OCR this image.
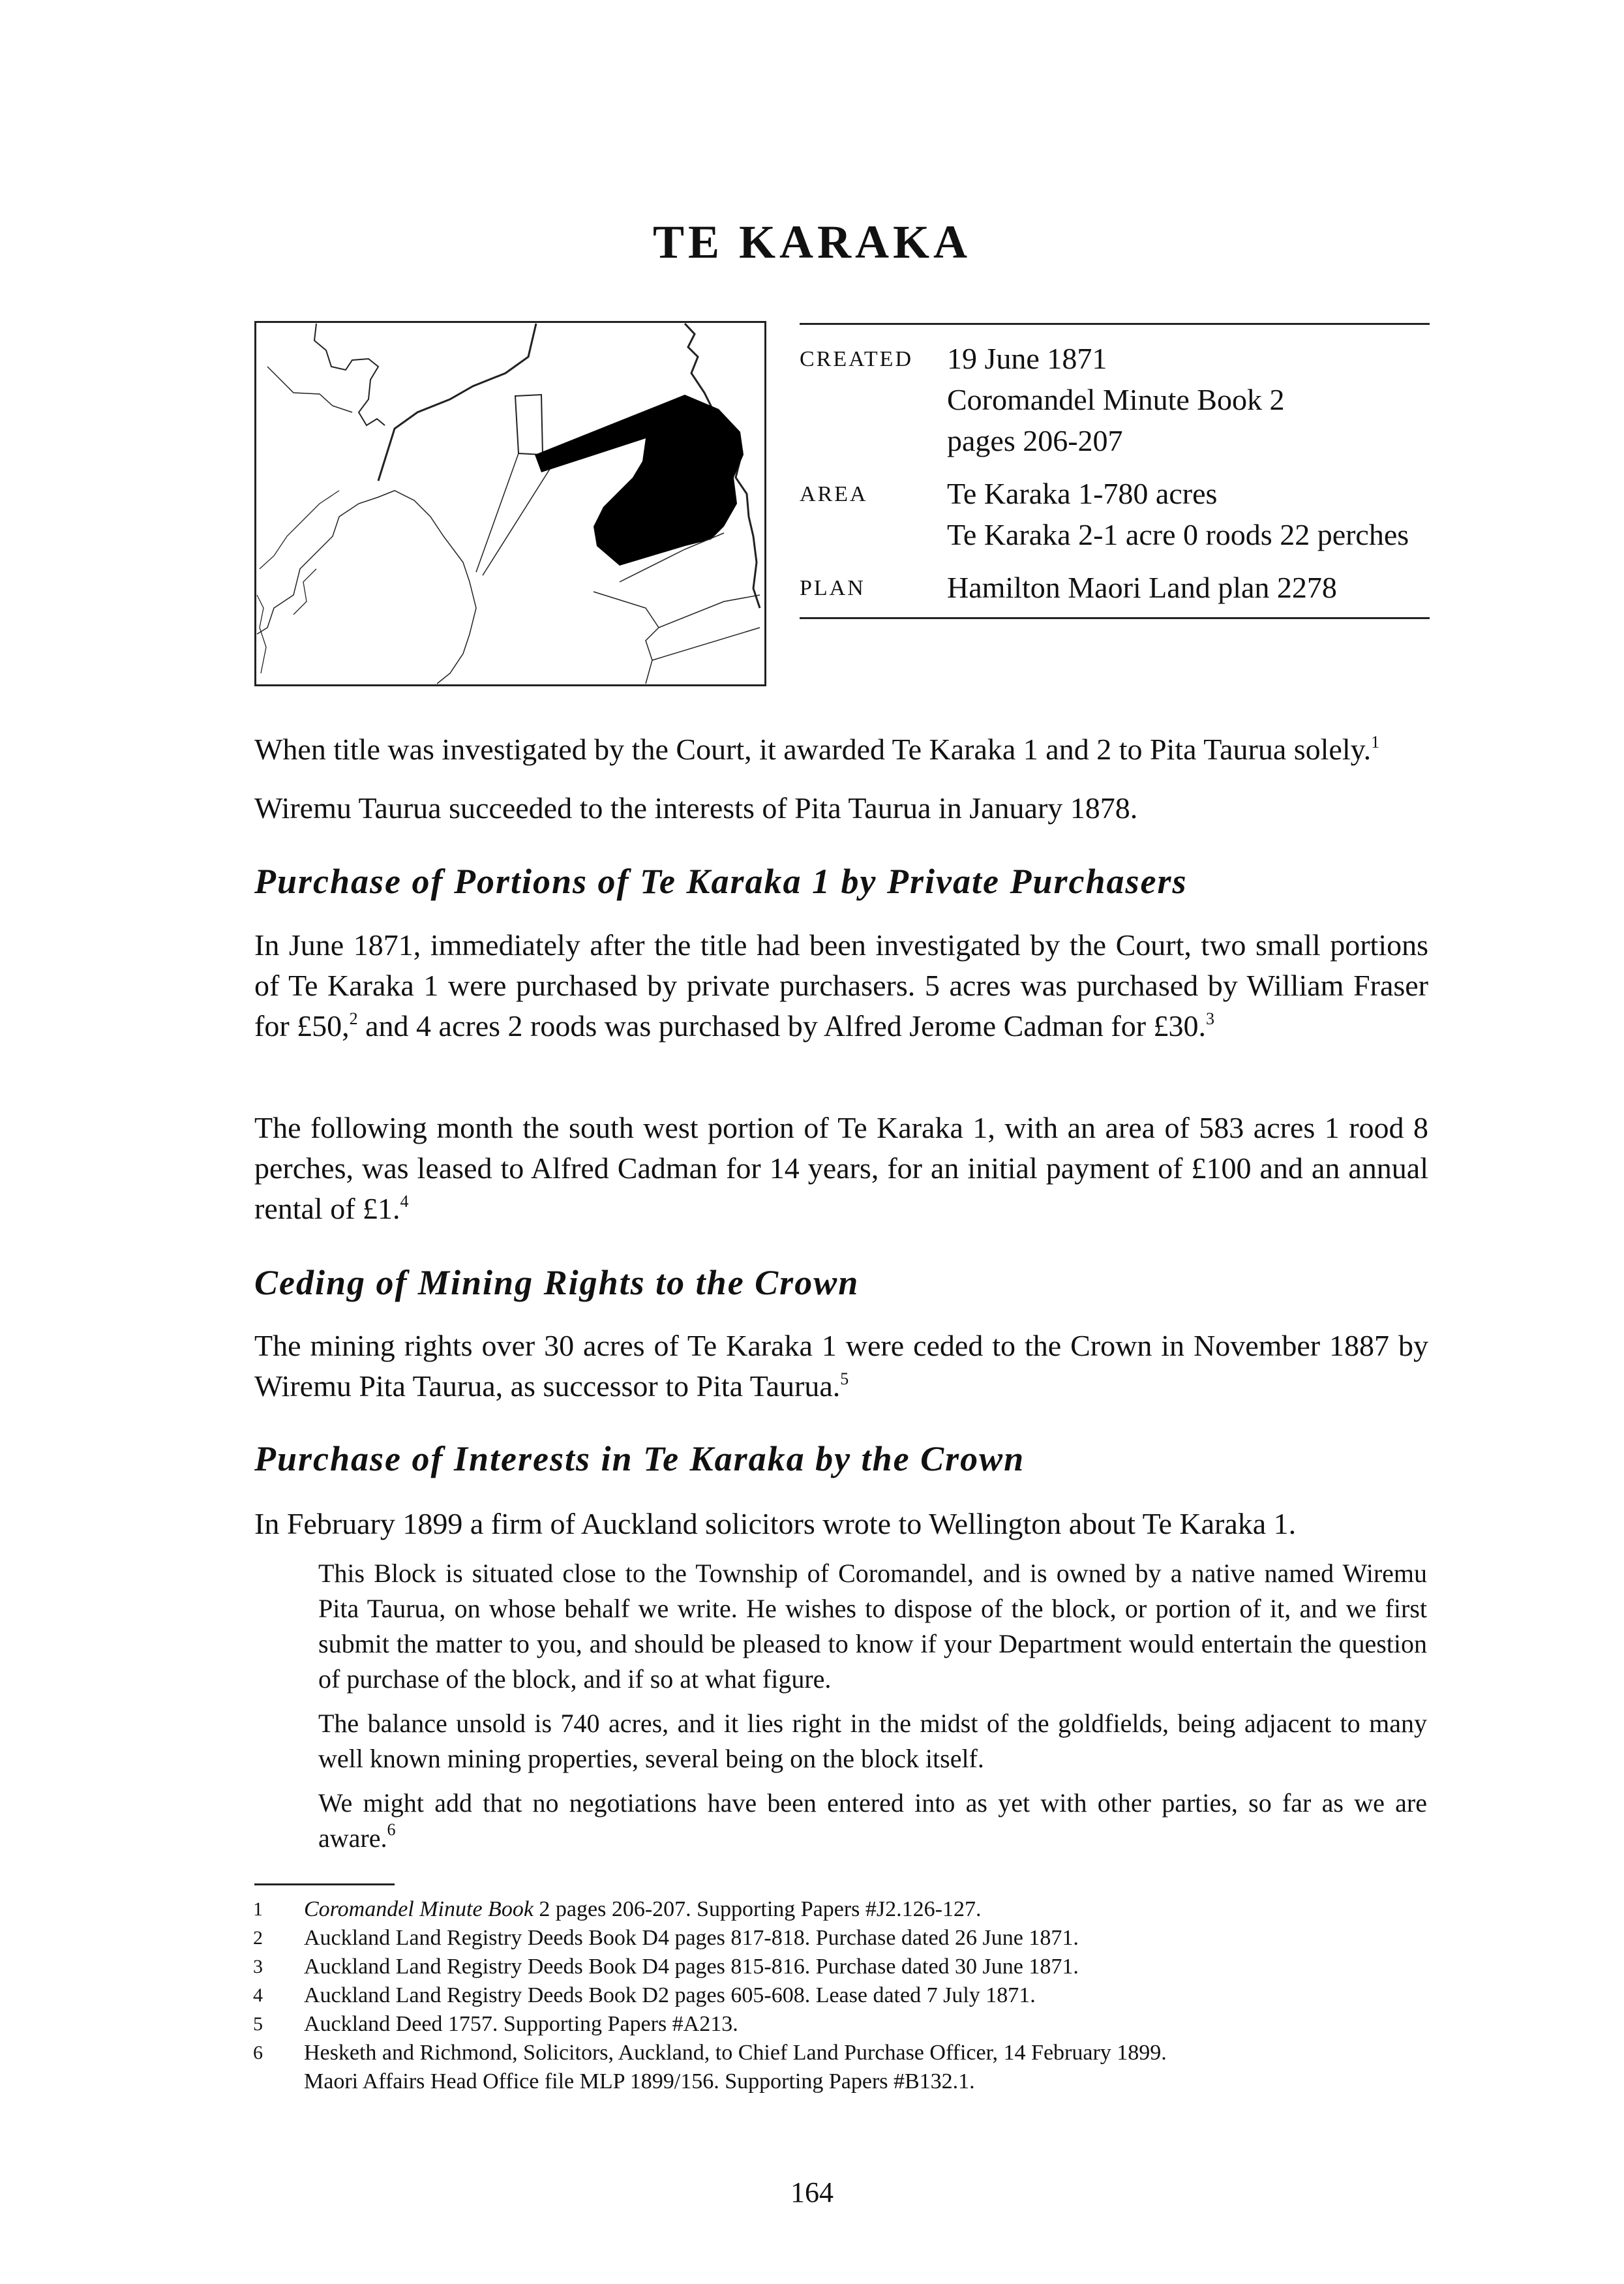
TE KARAKA
CREATED	19 June 1871
Coromandel Minute Book 2
pages 206-207
AREA	Te Karaka 1-780 acres
Te Karaka 2-1 acre 0 roods 22 perches
PLAN	Hamilton Maori Land plan 2278
When title was investigated by the Court, it awarded Te Karaka 1 and 2 to Pita Taurua solely.$^1$
Wiremu Taurua succeeded to the interests of Pita Taurua in January 1878.
Purchase of Portions of Te Karaka 1 by Private Purchasers
In June 1871, immediately after the title had been investigated by the Court, two small portions of Te Karaka 1 were purchased by private purchasers. 5 acres was purchased by William Fraser for £50,$^2$ and 4 acres 2 roods was purchased by Alfred Jerome Cadman for £30.$^3$
The following month the south west portion of Te Karaka 1, with an area of 583 acres 1 rood 8 perches, was leased to Alfred Cadman for 14 years, for an initial payment of £100 and an annual rental of £1.$^4$
Ceding of Mining Rights to the Crown
The mining rights over 30 acres of Te Karaka 1 were ceded to the Crown in November 1887 by Wiremu Pita Taurua, as successor to Pita Taurua.$^5$
Purchase of Interests in Te Karaka by the Crown
In February 1899 a firm of Auckland solicitors wrote to Wellington about Te Karaka 1.
This Block is situated close to the Township of Coromandel, and is owned by a native named Wiremu Pita Taurua, on whose behalf we write. He wishes to dispose of the block, or portion of it, and we first submit the matter to you, and should be pleased to know if your Department would entertain the question of purchase of the block, and if so at what figure.
The balance unsold is 740 acres, and it lies right in the midst of the goldfields, being adjacent to many well known mining properties, several being on the block itself.
We might add that no negotiations have been entered into as yet with other parties, so far as we are aware.$^6$
1	Coromandel Minute Book 2 pages 206-207. Supporting Papers #J2.126-127.
2	Auckland Land Registry Deeds Book D4 pages 817-818. Purchase dated 26 June 1871.
3	Auckland Land Registry Deeds Book D4 pages 815-816. Purchase dated 30 June 1871.
4	Auckland Land Registry Deeds Book D2 pages 605-608. Lease dated 7 July 1871.
5	Auckland Deed 1757. Supporting Papers #A213.
6	Hesketh and Richmond, Solicitors, Auckland, to Chief Land Purchase Officer, 14 February 1899.
Maori Affairs Head Office file MLP 1899/156. Supporting Papers #B132.1.
164
